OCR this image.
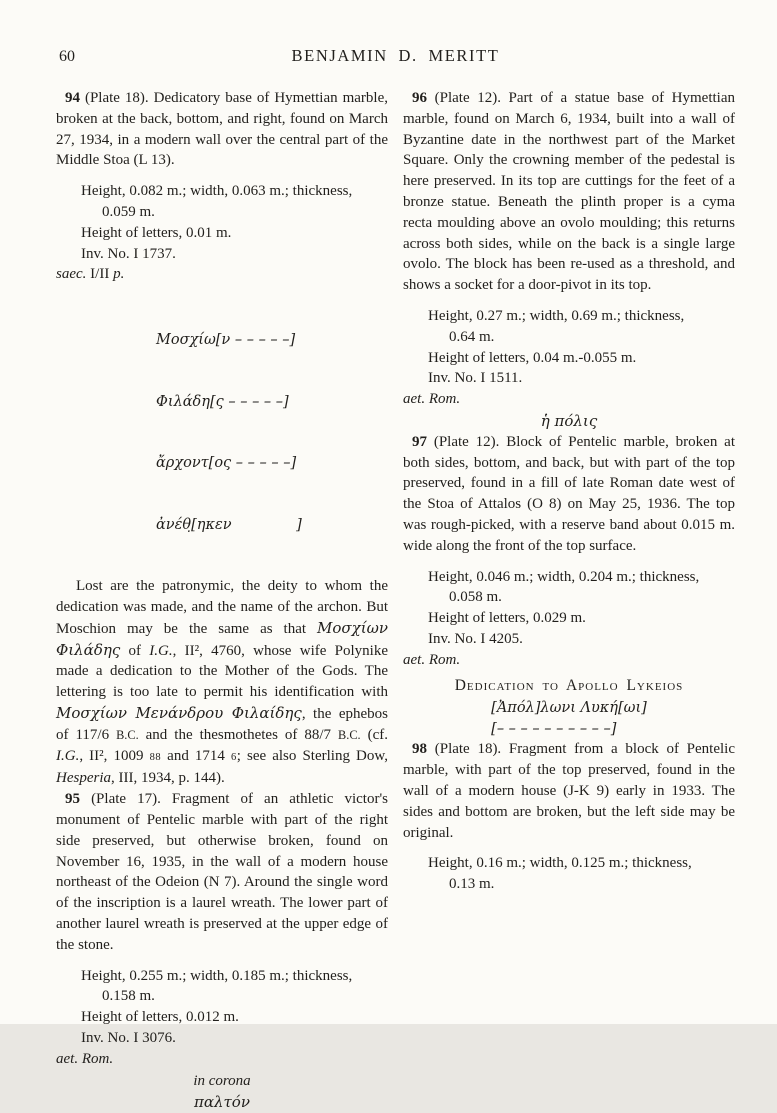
60	BENJAMIN D. MERITT

94 (Plate 18). Dedicatory base of Hymettian marble, broken at the back, bottom, and right, found on March 27, 1934, in a modern wall over the central part of the Middle Stoa (L 13).

Height, 0.082 m.; width, 0.063 m.; thickness,
0.059 m.
Height of letters, 0.01 m.
Inv. No. I 1737.

saec. I/II p.

Μοσχίω[ν – – – – –]

Φιλάδη[ς – – – – –]

ἄρχοντ[ος – – – – –]

ἀνέθ̣[ηκεν              ]

Lost are the patronymic, the deity to whom the dedication was made, and the name of the archon. But Moschion may be the same as that Μοσχίων Φιλάδης of I.G., II², 4760, whose wife Polynike made a dedication to the Mother of the Gods. The lettering is too late to permit his identification with Μοσχίων Μενάνδρου Φιλαίδης, the ephebos of 117/6 B.C. and the thesmothetes of 88/7 B.C. (cf. I.G., II², 1009 88 and 1714 6; see also Sterling Dow, Hesperia, III, 1934, p. 144).

95 (Plate 17). Fragment of an athletic victor's monument of Pentelic marble with part of the right side preserved, but otherwise broken, found on November 16, 1935, in the wall of a modern house northeast of the Odeion (N 7). Around the single word of the inscription is a laurel wreath. The lower part of another laurel wreath is preserved at the upper edge of the stone.

Height, 0.255 m.; width, 0.185 m.; thickness,
0.158 m.
Height of letters, 0.012 m.
Inv. No. I 3076.

aet. Rom.

in corona
παλτόν

96 (Plate 12). Part of a statue base of Hymettian marble, found on March 6, 1934, built into a wall of Byzantine date in the northwest part of the Market Square. Only the crowning member of the pedestal is here preserved. In its top are cuttings for the feet of a bronze statue. Beneath the plinth proper is a cyma recta moulding above an ovolo moulding; this returns across both sides, while on the back is a single large ovolo. The block has been re-used as a threshold, and shows a socket for a door-pivot in its top.

Height, 0.27 m.; width, 0.69 m.; thickness,
0.64 m.
Height of letters, 0.04 m.-0.055 m.
Inv. No. I 1511.

aet. Rom.

ἡ πόλις

97 (Plate 12). Block of Pentelic marble, broken at both sides, bottom, and back, but with part of the top preserved, found in a fill of late Roman date west of the Stoa of Attalos (O 8) on May 25, 1936. The top was rough-picked, with a reserve band about 0.015 m. wide along the front of the top surface.

Height, 0.046 m.; width, 0.204 m.; thickness,
0.058 m.
Height of letters, 0.029 m.
Inv. No. I 4205.

aet. Rom.

Dedication to Apollo Lykeios
[Ἀπόλ]λωνι Λυκή[ωι]
[– – – – – – – – – –]

98 (Plate 18). Fragment from a block of Pentelic marble, with part of the top preserved, found in the wall of a modern house (J-K 9) early in 1933. The sides and bottom are broken, but the left side may be original.

Height, 0.16 m.; width, 0.125 m.; thickness,
0.13 m.
